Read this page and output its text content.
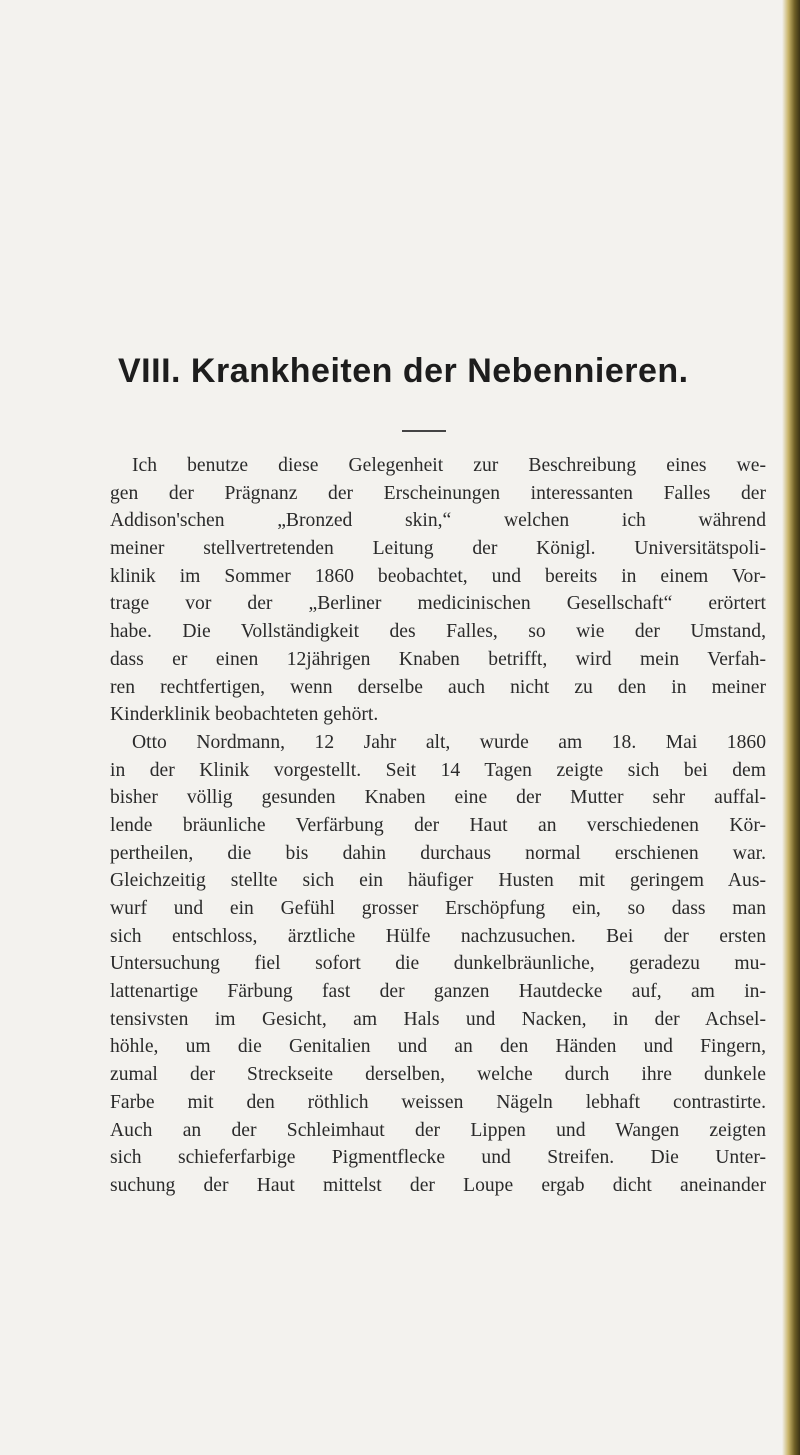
VIII. Krankheiten der Nebennieren.
Ich benutze diese Gelegenheit zur Beschreibung eines we-
gen der Prägnanz der Erscheinungen interessanten Falles der
Addison'schen „Bronzed skin,“ welchen ich während
meiner stellvertretenden Leitung der Königl. Universitätspoli-
klinik im Sommer 1860 beobachtet, und bereits in einem Vor-
trage vor der „Berliner medicinischen Gesellschaft“ erörtert
habe. Die Vollständigkeit des Falles, so wie der Umstand,
dass er einen 12jährigen Knaben betrifft, wird mein Verfah-
ren rechtfertigen, wenn derselbe auch nicht zu den in meiner
Kinderklinik beobachteten gehört.
Otto Nordmann, 12 Jahr alt, wurde am 18. Mai 1860
in der Klinik vorgestellt. Seit 14 Tagen zeigte sich bei dem
bisher völlig gesunden Knaben eine der Mutter sehr auffal-
lende bräunliche Verfärbung der Haut an verschiedenen Kör-
pertheilen, die bis dahin durchaus normal erschienen war.
Gleichzeitig stellte sich ein häufiger Husten mit geringem Aus-
wurf und ein Gefühl grosser Erschöpfung ein, so dass man
sich entschloss, ärztliche Hülfe nachzusuchen. Bei der ersten
Untersuchung fiel sofort die dunkelbräunliche, geradezu mu-
lattenartige Färbung fast der ganzen Hautdecke auf, am in-
tensivsten im Gesicht, am Hals und Nacken, in der Achsel-
höhle, um die Genitalien und an den Händen und Fingern,
zumal der Streckseite derselben, welche durch ihre dunkele
Farbe mit den röthlich weissen Nägeln lebhaft contrastirte.
Auch an der Schleimhaut der Lippen und Wangen zeigten
sich schieferfarbige Pigmentflecke und Streifen. Die Unter-
suchung der Haut mittelst der Loupe ergab dicht aneinander
